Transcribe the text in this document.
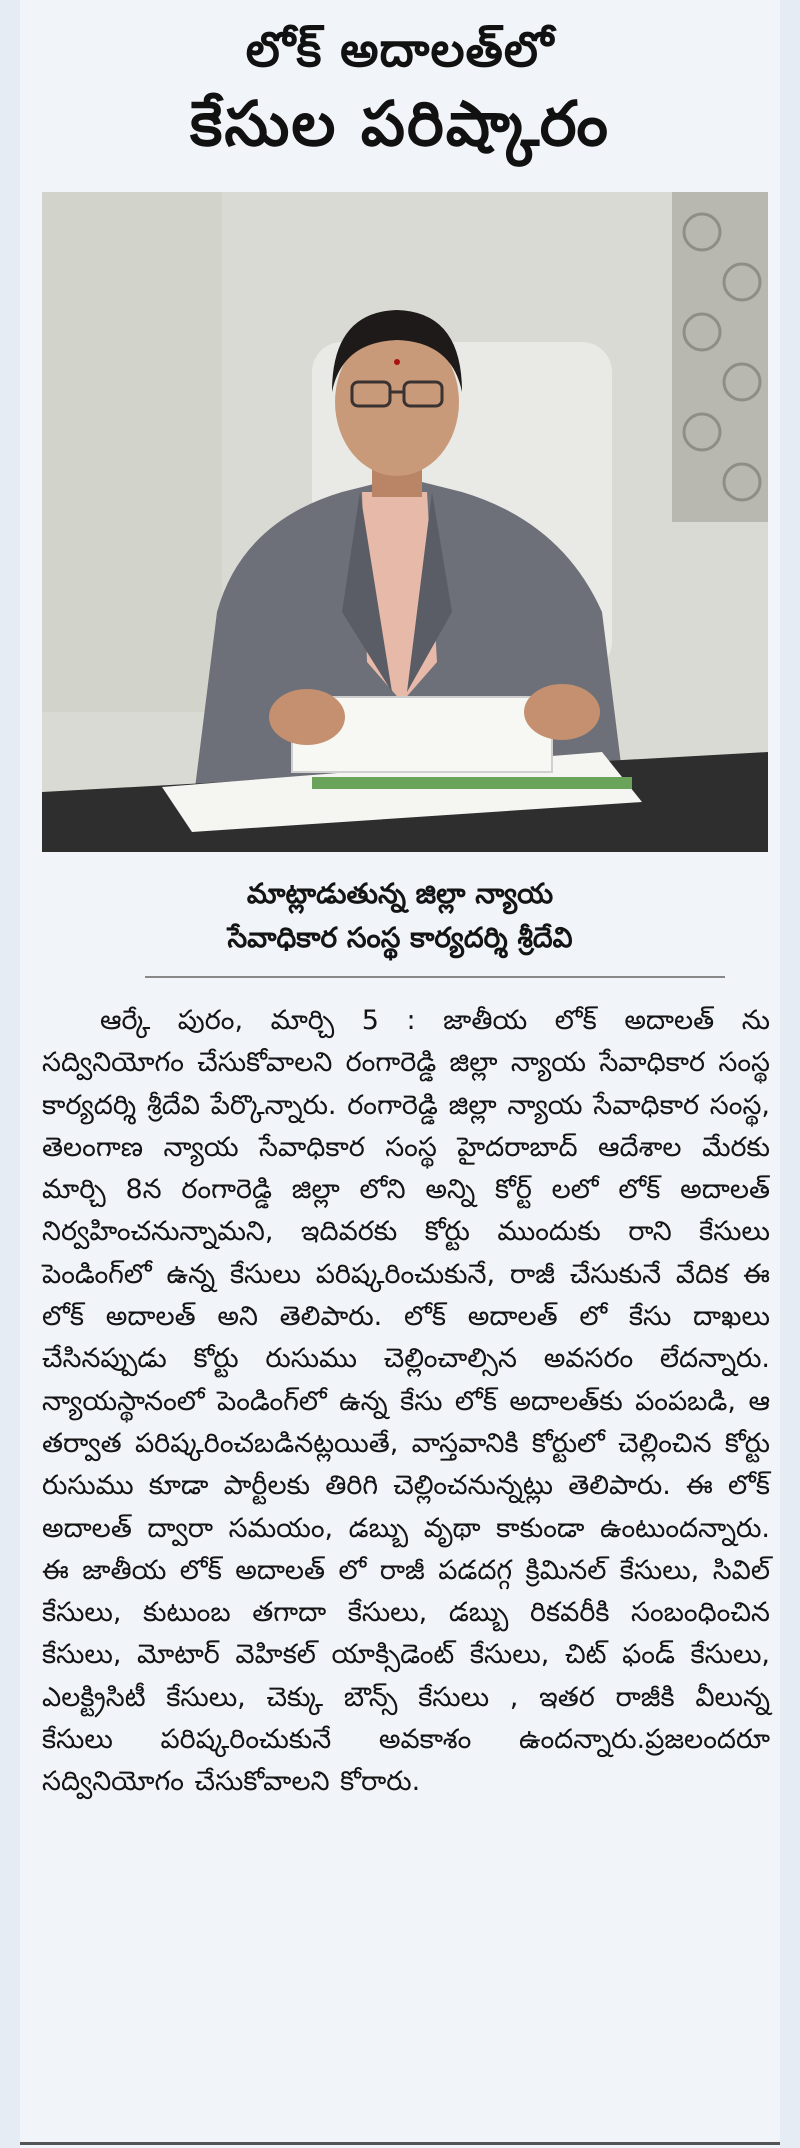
లోక్ అదాలత్‌లో
కేసుల పరిష్కారం
మాట్లాడుతున్న జిల్లా న్యాయ
సేవాధికార సంస్థ కార్యదర్శి శ్రీదేవి
ఆర్కే పురం, మార్చి 5 : జాతీయ లోక్ అదాలత్ ను సద్వినియోగం చేసుకోవాలని రంగారెడ్డి జిల్లా న్యాయ సేవాధికార సంస్థ కార్యదర్శి శ్రీదేవి పేర్కొన్నారు. రంగారెడ్డి జిల్లా న్యాయ సేవాధికార సంస్థ, తెలంగాణ న్యాయ సేవాధికార సంస్థ హైదరాబాద్ ఆదేశాల మేరకు మార్చి 8న రంగారెడ్డి జిల్లా లోని అన్ని కోర్ట్ లలో లోక్ అదాలత్ నిర్వహించనున్నామని, ఇదివరకు కోర్టు ముందుకు రాని కేసులు పెండింగ్‌లో ఉన్న కేసులు పరిష్కరించుకునే, రాజీ చేసుకునే వేదిక ఈ లోక్ అదాలత్ అని తెలిపారు. లోక్ అదాలత్ లో కేసు దాఖలు చేసినప్పుడు కోర్టు రుసుము చెల్లించాల్సిన అవసరం లేదన్నారు. న్యాయస్థానంలో పెండింగ్‌లో ఉన్న కేసు లోక్ అదాలత్‌కు పంపబడి, ఆ తర్వాత పరిష్కరించబడినట్లయితే, వాస్తవానికి కోర్టులో చెల్లించిన కోర్టు రుసుము కూడా పార్టీలకు తిరిగి చెల్లించనున్నట్లు తెలిపారు. ఈ లోక్ అదాలత్ ద్వారా సమయం, డబ్బు వృథా కాకుండా ఉంటుందన్నారు. ఈ జాతీయ లోక్ అదాలత్ లో రాజీ పడదగ్గ క్రిమినల్ కేసులు, సివిల్ కేసులు, కుటుంబ తగాదా కేసులు, డబ్బు రికవరీకి సంబంధించిన కేసులు, మోటార్ వెహికల్ యాక్సిడెంట్ కేసులు, చిట్ ఫండ్ కేసులు, ఎలక్ట్రిసిటీ కేసులు, చెక్కు బౌన్స్ కేసులు , ఇతర రాజీకి వీలున్న కేసులు పరిష్కరించుకునే అవకాశం ఉందన్నారు.ప్రజలందరూ సద్వినియోగం చేసుకోవాలని కోరారు.
